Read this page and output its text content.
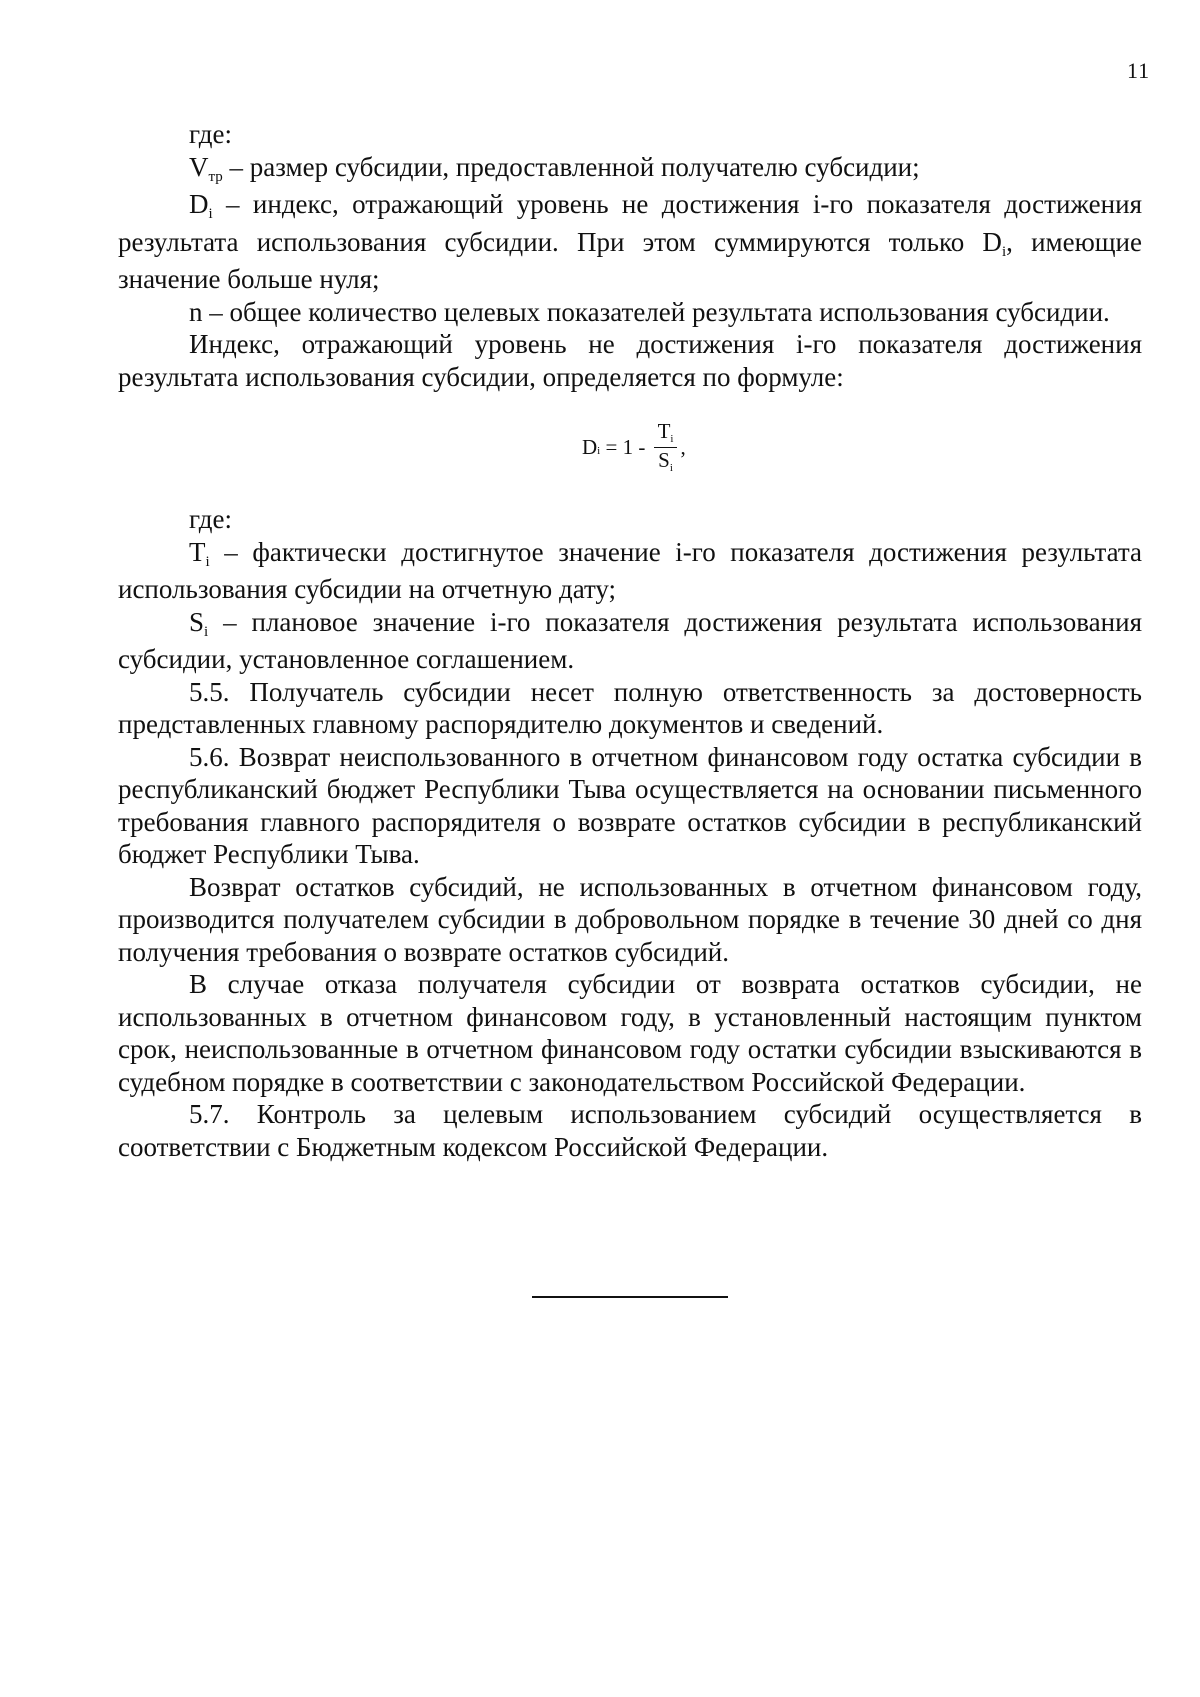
11

где:

Vтр – размер субсидии, предоставленной получателю субсидии;

Di – индекс, отражающий уровень не достижения i-го показателя достижения результата использования субсидии. При этом суммируются только Di, имеющие значение больше нуля;

n – общее количество целевых показателей результата использования субсидии.

Индекс, отражающий уровень не достижения i-го показателя достижения результата использования субсидии, определяется по формуле:

D $i = 1 - \frac{Ti}{Si}$ ,

где:

Ti – фактически достигнутое значение i-го показателя достижения результата использования субсидии на отчетную дату;

Si – плановое значение i-го показателя достижения результата использования субсидии, установленное соглашением.

5.5. Получатель субсидии несет полную ответственность за достоверность представленных главному распорядителю документов и сведений.

5.6. Возврат неиспользованного в отчетном финансовом году остатка субсидии в республиканский бюджет Республики Тыва осуществляется на основании письменного требования главного распорядителя о возврате остатков субсидии в республиканский бюджет Республики Тыва.

Возврат остатков субсидий, не использованных в отчетном финансовом году, производится получателем субсидии в добровольном порядке в течение 30 дней со дня получения требования о возврате остатков субсидий.

В случае отказа получателя субсидии от возврата остатков субсидии, не использованных в отчетном финансовом году, в установленный настоящим пунктом срок, неиспользованные в отчетном финансовом году остатки субсидии взыскиваются в судебном порядке в соответствии с законодательством Российской Федерации.

5.7. Контроль за целевым использованием субсидий осуществляется в соответствии с Бюджетным кодексом Российской Федерации.
